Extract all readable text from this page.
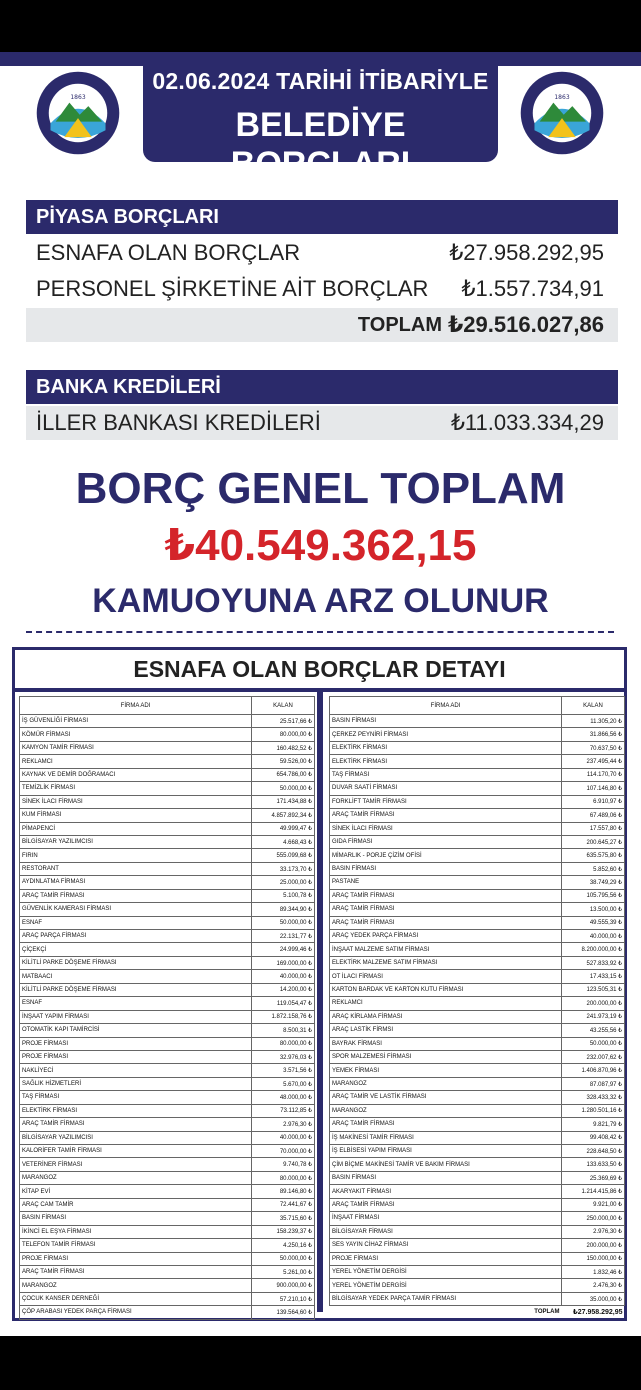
1863	1863
02.06.2024 TARİHİ İTİBARİYLE
BELEDİYE BORÇLARI
PİYASA BORÇLARI
ESNAFA OLAN BORÇLAR	₺27.958.292,95
PERSONEL ŞİRKETİNE AİT BORÇLAR ₺1.557.734,91
TOPLAM ₺29.516.027,86
BANKA KREDİLERİ
İLLER BANKASI KREDİLERİ	₺11.033.334,29
BORÇ GENEL TOPLAM
₺40.549.362,15
KAMUOYUNA ARZ OLUNUR
ESNAFA OLAN BORÇLAR DETAYI
FİRMA ADI	KALAN
İŞ GÜVENLİĞİ FİRMASI	25.517,66 ₺
KÖMÜR FİRMASI	80.000,00 ₺
KAMYON TAMİR FİRMASI	160.482,52 ₺
REKLAMCI	59.526,00 ₺
KAYNAK VE DEMİR DOĞRAMACI	654.786,00 ₺
TEMİZLİK FİRMASI	50.000,00 ₺
SİNEK İLACI FİRMASI	171.434,88 ₺
KUM FİRMASI	4.857.892,34 ₺
PİMAPENCİ	49.999,47 ₺
BİLGİSAYAR YAZILIMCISI	4.668,43 ₺
FIRIN	555.099,68 ₺
RESTORANT	33.173,70 ₺
AYDINLATMA FİRMASI	25.000,00 ₺
ARAÇ TAMİR FİRMASI	5.100,78 ₺
GÜVENLİK KAMERASI FİRMASI	89.344,90 ₺
ESNAF	50.000,00 ₺
ARAÇ PARÇA FİRMASI	22.131,77 ₺
ÇİÇEKÇİ	24.999,46 ₺
KİLİTLİ PARKE DÖŞEME FİRMASI	169.000,00 ₺
MATBAACI	40.000,00 ₺
KİLİTLİ PARKE DÖŞEME FİRMASI	14.200,00 ₺
ESNAF	119.054,47 ₺
İNŞAAT YAPIM FİRMASI	1.872.158,76 ₺
OTOMATİK KAPI TAMİRCİSİ	8.500,31 ₺
PROJE FİRMASI	80.000,00 ₺
PROJE FİRMASI	32.976,03 ₺
NAKLİYECİ	3.571,56 ₺
SAĞLIK HİZMETLERİ	5.670,00 ₺
TAŞ FİRMASI	48.000,00 ₺
ELEKTİRK FİRMASI	73.112,85 ₺
ARAÇ TAMİR FİRMASI	2.976,30 ₺
BİLGİSAYAR YAZILIMCISI	40.000,00 ₺
KALORİFER TAMİR FİRMASI	70.000,00 ₺
VETERİNER FİRMASI	9.740,78 ₺
MARANGOZ	80.000,00 ₺
KİTAP EVİ	89.146,80 ₺
ARAÇ CAM TAMİR	72.441,67 ₺
BASIN FİRMASI	35.715,60 ₺
İKİNCİ EL EŞYA FİRMASI	158.239,37 ₺
TELEFON TAMİR FİRMASI	4.250,16 ₺
PROJE FİRMASI	50.000,00 ₺
ARAÇ TAMİR FİRMASI	5.261,00 ₺
MARANGOZ	900.000,00 ₺
ÇOCUK KANSER DERNEĞİ	57.210,10 ₺
ÇÖP ARABASI YEDEK PARÇA FİRMASI	139.564,60 ₺
FİRMA ADI	KALAN
BASIN FİRMASI	11.305,20 ₺
ÇERKEZ PEYNİRİ FİRMASI	31.866,56 ₺
ELEKTİRK FİRMASI	70.637,50 ₺
ELEKTİRK FİRMASI	237.495,44 ₺
TAŞ FİRMASI	114.170,70 ₺
DUVAR SAATİ FİRMASI	107.146,80 ₺
FORKLİFT TAMİR FİRMASI	6.910,97 ₺
ARAÇ TAMİR FİRMASI	67.489,06 ₺
SİNEK İLACI FİRMASI	17.557,80 ₺
GIDA FİRMASI	200.645,27 ₺
MİMARLIK - PORJE ÇİZİM OFİSİ	635.575,80 ₺
BASIN FİRMASI	5.852,60 ₺
PASTANE	38.749,29 ₺
ARAÇ TAMİR FİRMASI	105.795,56 ₺
ARAÇ TAMİR FİRMASI	13.500,00 ₺
ARAÇ TAMİR FİRMASI	49.555,39 ₺
ARAÇ YEDEK PARÇA FİRMASI	40.000,00 ₺
İNŞAAT MALZEME SATIM FİRMASI	8.200.000,00 ₺
ELEKTİRK MALZEME SATIM FİRMASI	527.833,92 ₺
OT İLACI FİRMASI	17.433,15 ₺
KARTON BARDAK VE KARTON KUTU FİRMASI	123.505,31 ₺
REKLAMCI	200.000,00 ₺
ARAÇ KİRLAMA FİRMASI	241.973,19 ₺
ARAÇ LASTİK FİRMSI	43.255,56 ₺
BAYRAK FİRMASI	50.000,00 ₺
SPOR MALZEMESİ FİRMASI	232.007,62 ₺
YEMEK FİRMASI	1.406.870,96 ₺
MARANGOZ	87.087,97 ₺
ARAÇ TAMİR VE LASTİK FİRMASI	328.433,32 ₺
MARANGOZ	1.280.501,16 ₺
ARAÇ TAMİR FİRMASI	9.821,79 ₺
İŞ MAKİNESİ TAMİR FİRMASI	99.408,42 ₺
İŞ ELBİSESİ YAPIM FİRMASI	228.648,50 ₺
ÇİM BİÇME MAKİNESİ TAMİR VE BAKIM FİRMASI	133.633,50 ₺
BASIN FİRMASI	25.369,69 ₺
AKARYAKIT FİRMASI	1.214.415,86 ₺
ARAÇ TAMİR FİRMASI	9.921,00 ₺
İNŞAAT FİRMASI	250.000,00 ₺
BİLGİSAYAR FİRMASI	2.976,30 ₺
SES YAYIN CİHAZ FİRMASI	200.000,00 ₺
PROJE FİRMASI	150.000,00 ₺
YEREL YÖNETİM DERGİSİ	1.832,46 ₺
YEREL YÖNETİM DERGİSİ	2.476,30 ₺
BİLGİSAYAR YEDEK PARÇA TAMİR FİRMASI	35.000,00 ₺
TOPLAM	₺27.958.292,95
